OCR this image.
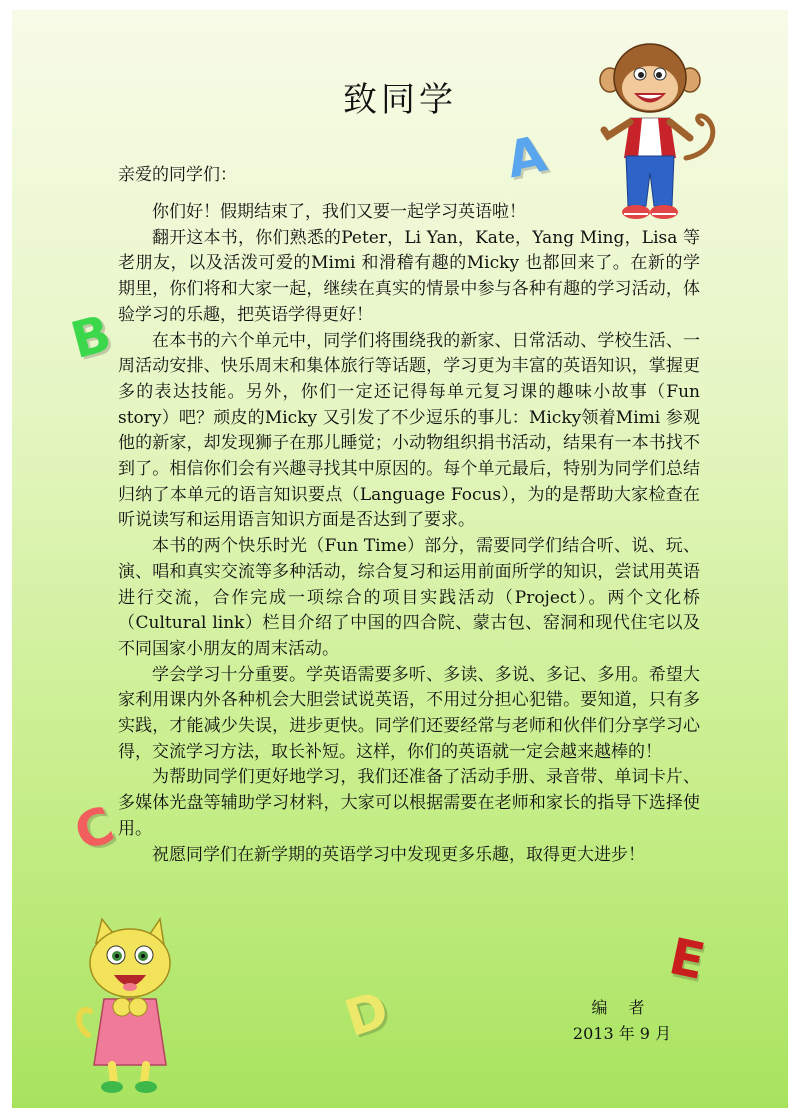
致同学
亲爱的同学们：

你们好！假期结束了，我们又要一起学习英语啦！

翻开这本书，你们熟悉的Peter，Li Yan，Kate，Yang Ming，Lisa 等老朋友，以及活泼可爱的Mimi 和滑稽有趣的Micky 也都回来了。在新的学期里，你们将和大家一起，继续在真实的情景中参与各种有趣的学习活动，体验学习的乐趣，把英语学得更好！

在本书的六个单元中，同学们将围绕我的新家、日常活动、学校生活、一周活动安排、快乐周末和集体旅行等话题，学习更为丰富的英语知识，掌握更多的表达技能。另外，你们一定还记得每单元复习课的趣味小故事（Fun story）吧？顽皮的Micky 又引发了不少逗乐的事儿：Micky领着Mimi 参观他的新家，却发现狮子在那儿睡觉；小动物组织捐书活动，结果有一本书找不到了。相信你们会有兴趣寻找其中原因的。每个单元最后，特别为同学们总结归纳了本单元的语言知识要点（Language Focus），为的是帮助大家检查在听说读写和运用语言知识方面是否达到了要求。

本书的两个快乐时光（Fun Time）部分，需要同学们结合听、说、玩、演、唱和真实交流等多种活动，综合复习和运用前面所学的知识，尝试用英语进行交流，合作完成一项综合的项目实践活动（Project）。两个文化桥（Cultural link）栏目介绍了中国的四合院、蒙古包、窑洞和现代住宅以及不同国家小朋友的周末活动。

学会学习十分重要。学英语需要多听、多读、多说、多记、多用。希望大家利用课内外各种机会大胆尝试说英语，不用过分担心犯错。要知道，只有多实践，才能减少失误，进步更快。同学们还要经常与老师和伙伴们分享学习心得，交流学习方法，取长补短。这样，你们的英语就一定会越来越棒的！

为帮助同学们更好地学习，我们还准备了活动手册、录音带、单词卡片、多媒体光盘等辅助学习材料，大家可以根据需要在老师和家长的指导下选择使用。

祝愿同学们在新学期的英语学习中发现更多乐趣，取得更大进步！

编 者
2013 年 9 月
A
B
C
D
E
